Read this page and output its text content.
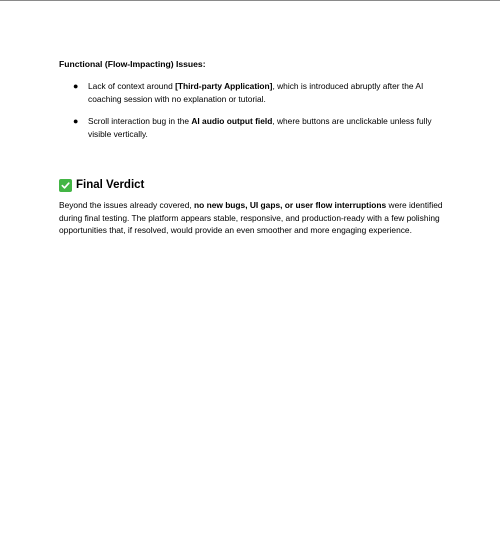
Functional (Flow-Impacting) Issues:

● Lack of context around [Third-party Application], which is introduced abruptly after the AI coaching session with no explanation or tutorial.
● Scroll interaction bug in the AI audio output field, where buttons are unclickable unless fully visible vertically.
Final Verdict

Beyond the issues already covered, no new bugs, UI gaps, or user flow interruptions were identified during final testing. The platform appears stable, responsive, and production-ready with a few polishing opportunities that, if resolved, would provide an even smoother and more engaging experience.
